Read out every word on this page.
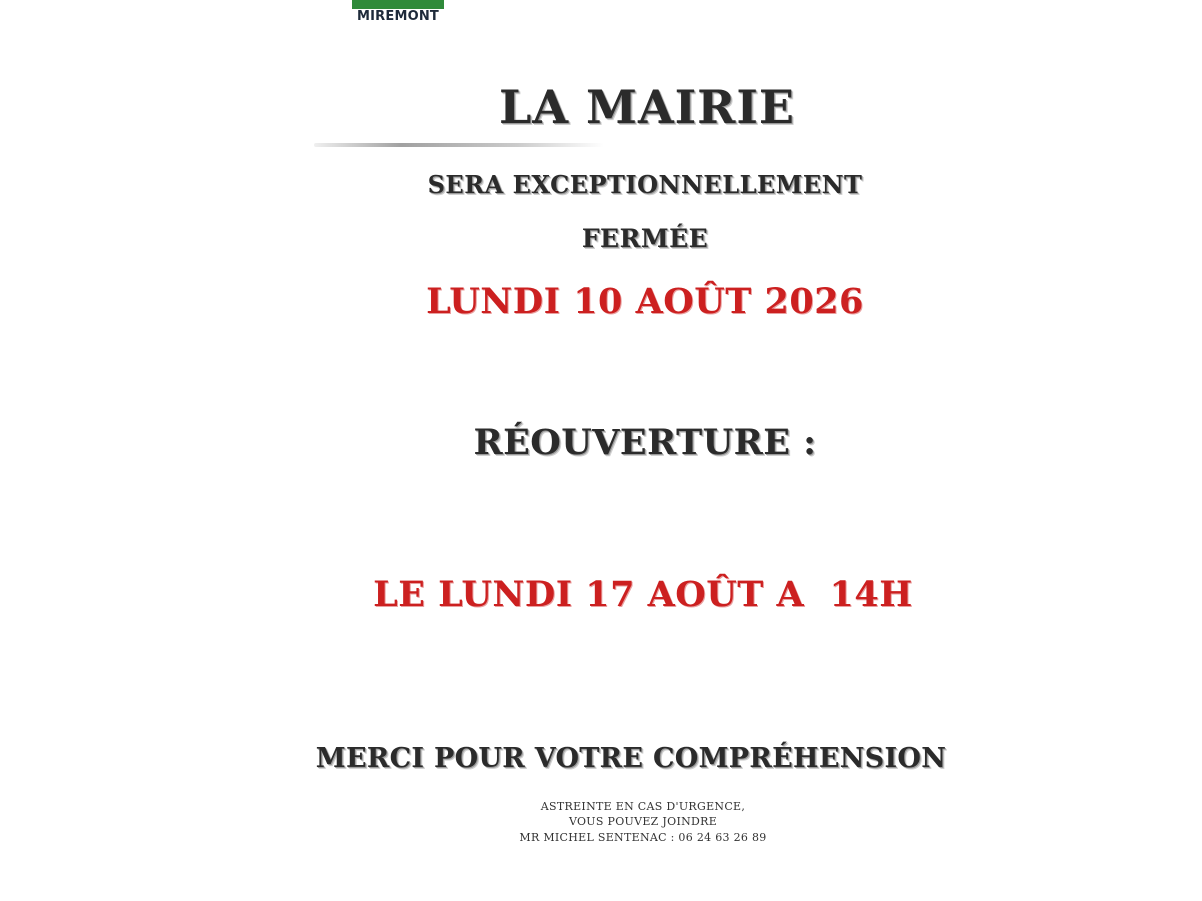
MIREMONT
LA MAIRIE
SERA EXCEPTIONNELLEMENT
FERMÉE
LUNDI 10 AOÛT 2026
RÉOUVERTURE :
LE LUNDI 17 AOÛT A  14H
MERCI POUR VOTRE COMPRÉHENSION
ASTREINTE EN CAS D'URGENCE,
VOUS POUVEZ JOINDRE
MR MICHEL SENTENAC : 06 24 63 26 89
